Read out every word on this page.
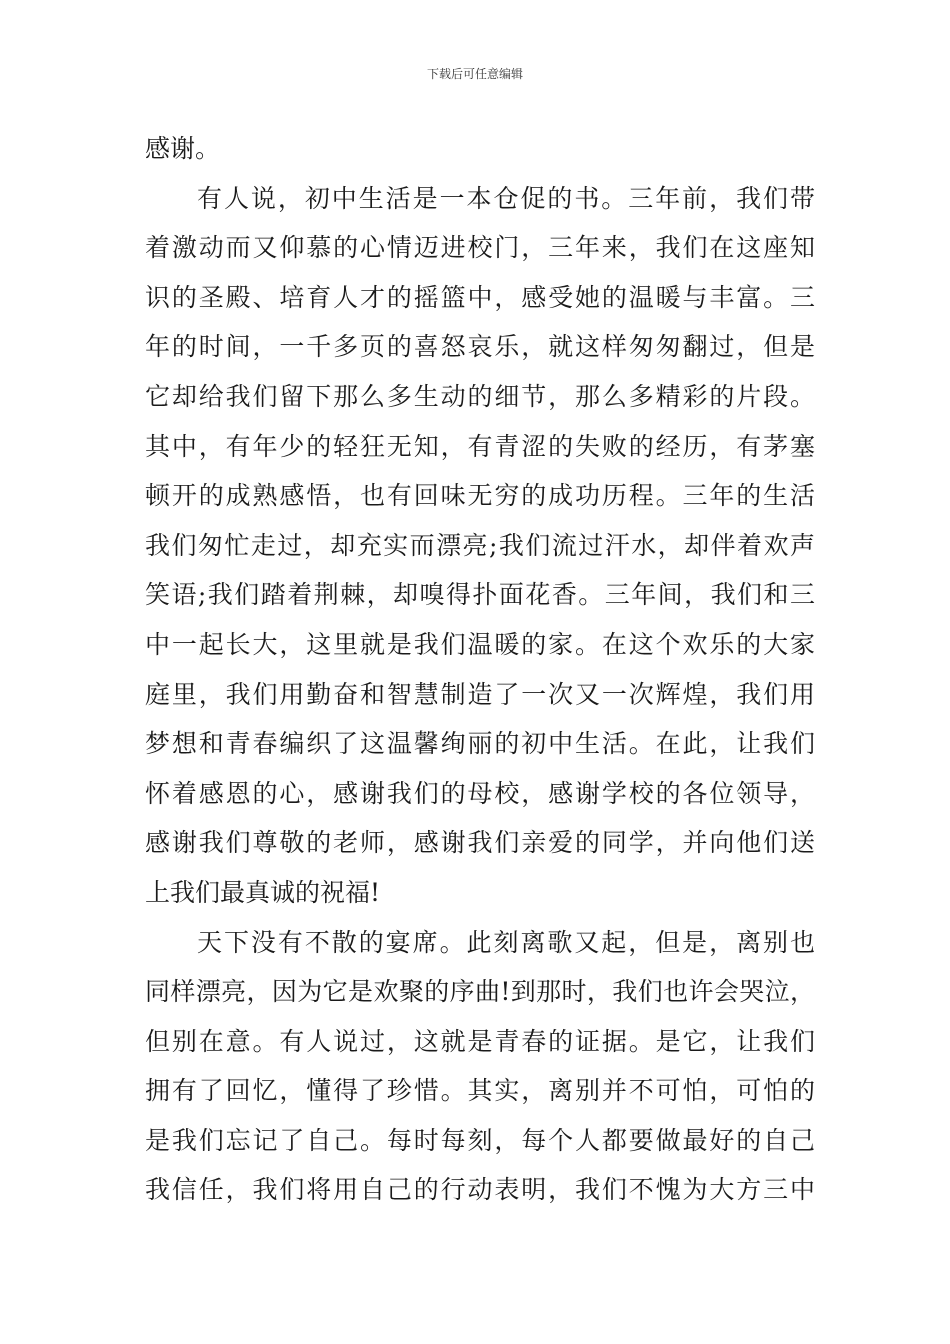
下载后可任意编辑
感谢。
有人说，初中生活是一本仓促的书。三年前，我们带
着激动而又仰慕的心情迈进校门，三年来，我们在这座知
识的圣殿、培育人才的摇篮中，感受她的温暖与丰富。三
年的时间，一千多页的喜怒哀乐，就这样匆匆翻过，但是
它却给我们留下那么多生动的细节，那么多精彩的片段。
其中，有年少的轻狂无知，有青涩的失败的经历，有茅塞
顿开的成熟感悟，也有回味无穷的成功历程。三年的生活
我们匆忙走过，却充实而漂亮;我们流过汗水，却伴着欢声
笑语;我们踏着荆棘，却嗅得扑面花香。三年间，我们和三
中一起长大，这里就是我们温暖的家。在这个欢乐的大家
庭里，我们用勤奋和智慧制造了一次又一次辉煌，我们用
梦想和青春编织了这温馨绚丽的初中生活。在此，让我们
怀着感恩的心，感谢我们的母校，感谢学校的各位领导，
感谢我们尊敬的老师，感谢我们亲爱的同学，并向他们送
上我们最真诚的祝福!
天下没有不散的宴席。此刻离歌又起，但是，离别也
同样漂亮，因为它是欢聚的序曲!到那时，我们也许会哭泣，
但别在意。有人说过，这就是青春的证据。是它，让我们
拥有了回忆，懂得了珍惜。其实，离别并不可怕，可怕的
是我们忘记了自己。每时每刻，每个人都要做最好的自己
我信任，我们将用自己的行动表明，我们不愧为大方三中
